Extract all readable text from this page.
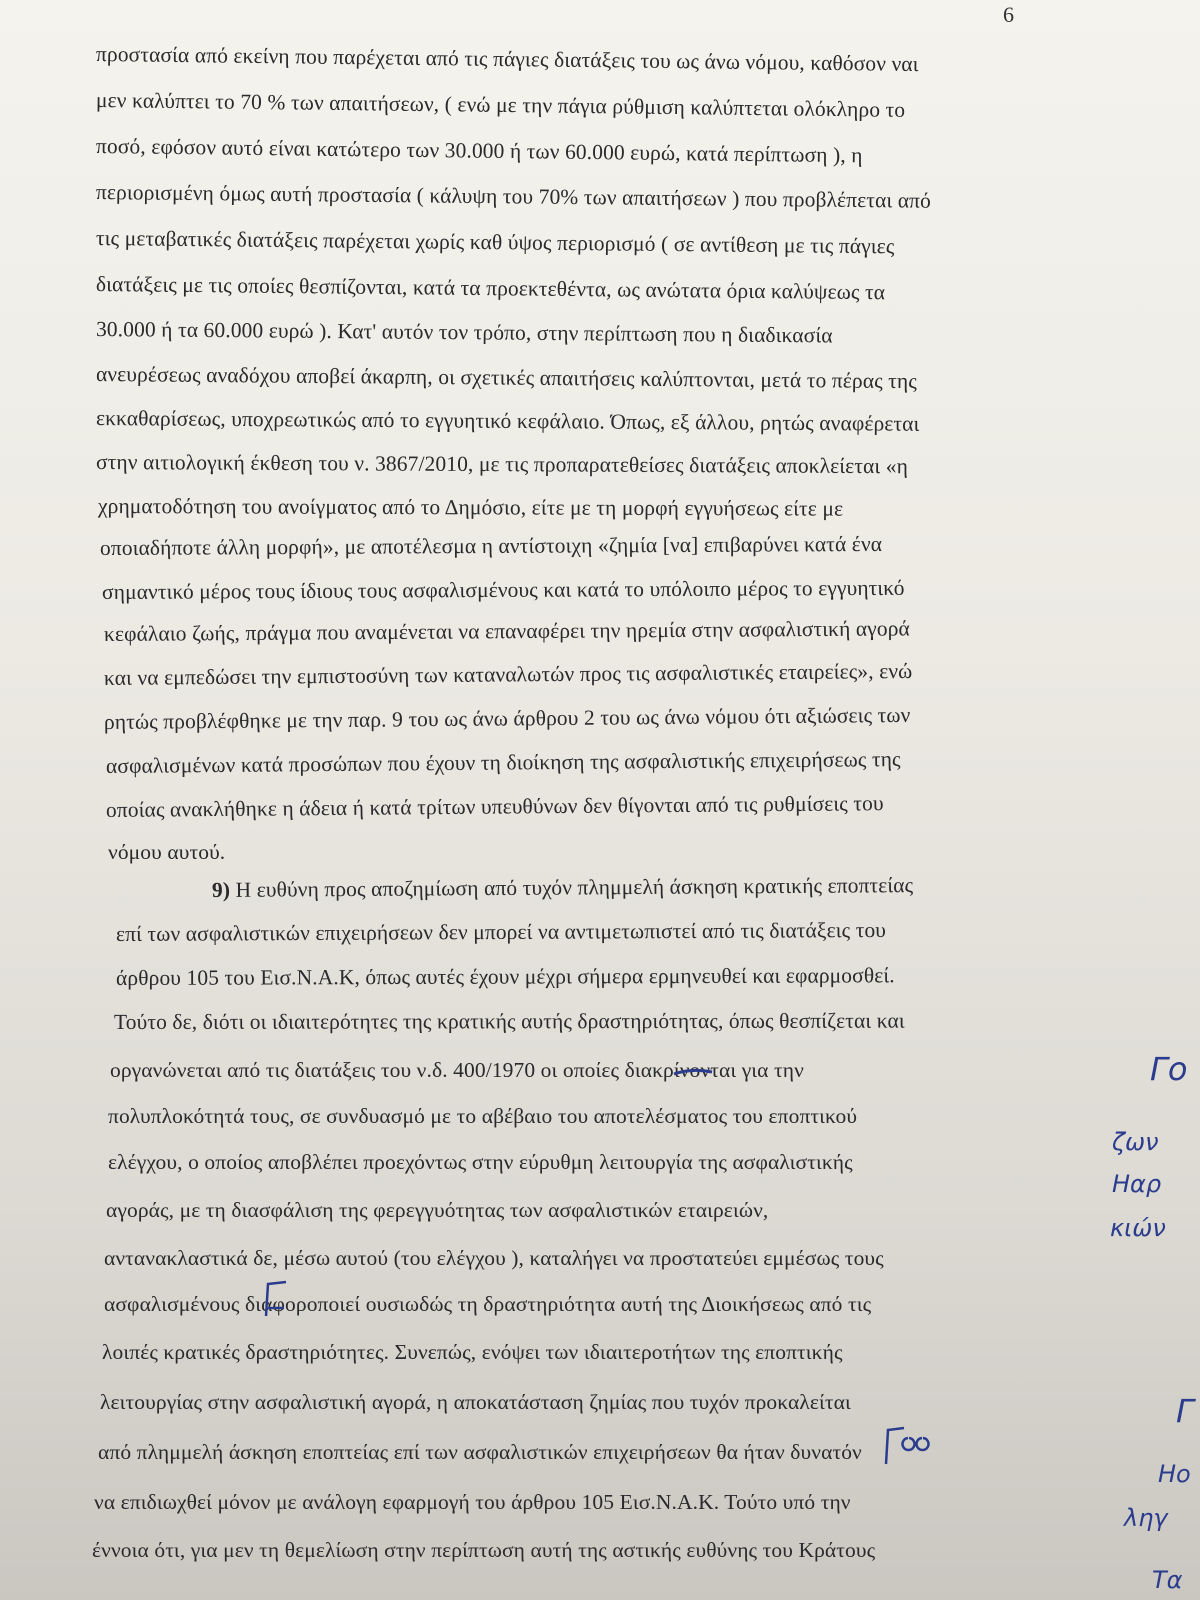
6
προστασία από εκείνη που παρέχεται από τις πάγιες διατάξεις του ως άνω νόμου, καθόσον ναι
μεν καλύπτει το 70 % των απαιτήσεων, ( ενώ με την πάγια ρύθμιση καλύπτεται ολόκληρο το
ποσό, εφόσον αυτό είναι κατώτερο των 30.000 ή των 60.000 ευρώ, κατά περίπτωση ), η
περιορισμένη όμως αυτή προστασία ( κάλυψη του 70% των απαιτήσεων ) που προβλέπεται από
τις μεταβατικές διατάξεις παρέχεται χωρίς καθ ύψος περιορισμό ( σε αντίθεση με τις πάγιες
διατάξεις με τις οποίες θεσπίζονται, κατά τα προεκτεθέντα, ως ανώτατα όρια καλύψεως τα
30.000 ή τα 60.000 ευρώ ). Κατ' αυτόν τον τρόπο, στην περίπτωση που η διαδικασία
ανευρέσεως αναδόχου αποβεί άκαρπη, οι σχετικές απαιτήσεις καλύπτονται, μετά το πέρας της
εκκαθαρίσεως, υποχρεωτικώς από το εγγυητικό κεφάλαιο. Όπως, εξ άλλου, ρητώς αναφέρεται
στην αιτιολογική έκθεση του ν. 3867/2010, με τις προπαρατεθείσες διατάξεις αποκλείεται «η
χρηματοδότηση του ανοίγματος από το Δημόσιο, είτε με τη μορφή εγγυήσεως είτε με
οποιαδήποτε άλλη μορφή», με αποτέλεσμα η αντίστοιχη «ζημία [να] επιβαρύνει κατά ένα
σημαντικό μέρος τους ίδιους τους ασφαλισμένους και κατά το υπόλοιπο μέρος το εγγυητικό
κεφάλαιο ζωής, πράγμα που αναμένεται να επαναφέρει την ηρεμία στην ασφαλιστική αγορά
και να εμπεδώσει την εμπιστοσύνη των καταναλωτών προς τις ασφαλιστικές εταιρείες», ενώ
ρητώς προβλέφθηκε με την παρ. 9 του ως άνω άρθρου 2 του ως άνω νόμου ότι αξιώσεις των
ασφαλισμένων κατά προσώπων που έχουν τη διοίκηση της ασφαλιστικής επιχειρήσεως της
οποίας ανακλήθηκε η άδεια ή κατά τρίτων υπευθύνων δεν θίγονται από τις ρυθμίσεις του
νόμου αυτού.
9) Η ευθύνη προς αποζημίωση από τυχόν πλημμελή άσκηση κρατικής εποπτείας
επί των ασφαλιστικών επιχειρήσεων δεν μπορεί να αντιμετωπιστεί από τις διατάξεις του
άρθρου 105 του Εισ.Ν.Α.Κ, όπως αυτές έχουν μέχρι σήμερα ερμηνευθεί και εφαρμοσθεί.
Τούτο δε, διότι οι ιδιαιτερότητες της κρατικής αυτής δραστηριότητας, όπως θεσπίζεται και
οργανώνεται από τις διατάξεις του ν.δ. 400/1970 οι οποίες διακρίνονται για την
πολυπλοκότητά τους, σε συνδυασμό με το αβέβαιο του αποτελέσματος του εποπτικού
ελέγχου, ο οποίος αποβλέπει προεχόντως στην εύρυθμη λειτουργία της ασφαλιστικής
αγοράς, με τη διασφάλιση της φερεγγυότητας των ασφαλιστικών εταιρειών,
αντανακλαστικά δε, μέσω αυτού (του ελέγχου ), καταλήγει να προστατεύει εμμέσως τους
ασφαλισμένους διαφοροποιεί ουσιωδώς τη δραστηριότητα αυτή της Διοικήσεως από τις
λοιπές κρατικές δραστηριότητες. Συνεπώς, ενόψει των ιδιαιτεροτήτων της εποπτικής
λειτουργίας στην ασφαλιστική αγορά, η αποκατάσταση ζημίας που τυχόν προκαλείται
από πλημμελή άσκηση εποπτείας επί των ασφαλιστικών επιχειρήσεων θα ήταν δυνατόν
να επιδιωχθεί μόνον με ανάλογη εφαρμογή του άρθρου 105 Εισ.Ν.Α.Κ. Τούτο υπό την
έννοια ότι, για μεν τη θεμελίωση στην περίπτωση αυτή της αστικής ευθύνης του Κράτους
Γο
ζων
Ηαρ
κιών
Γ
Ηο
ληγ
Τα
